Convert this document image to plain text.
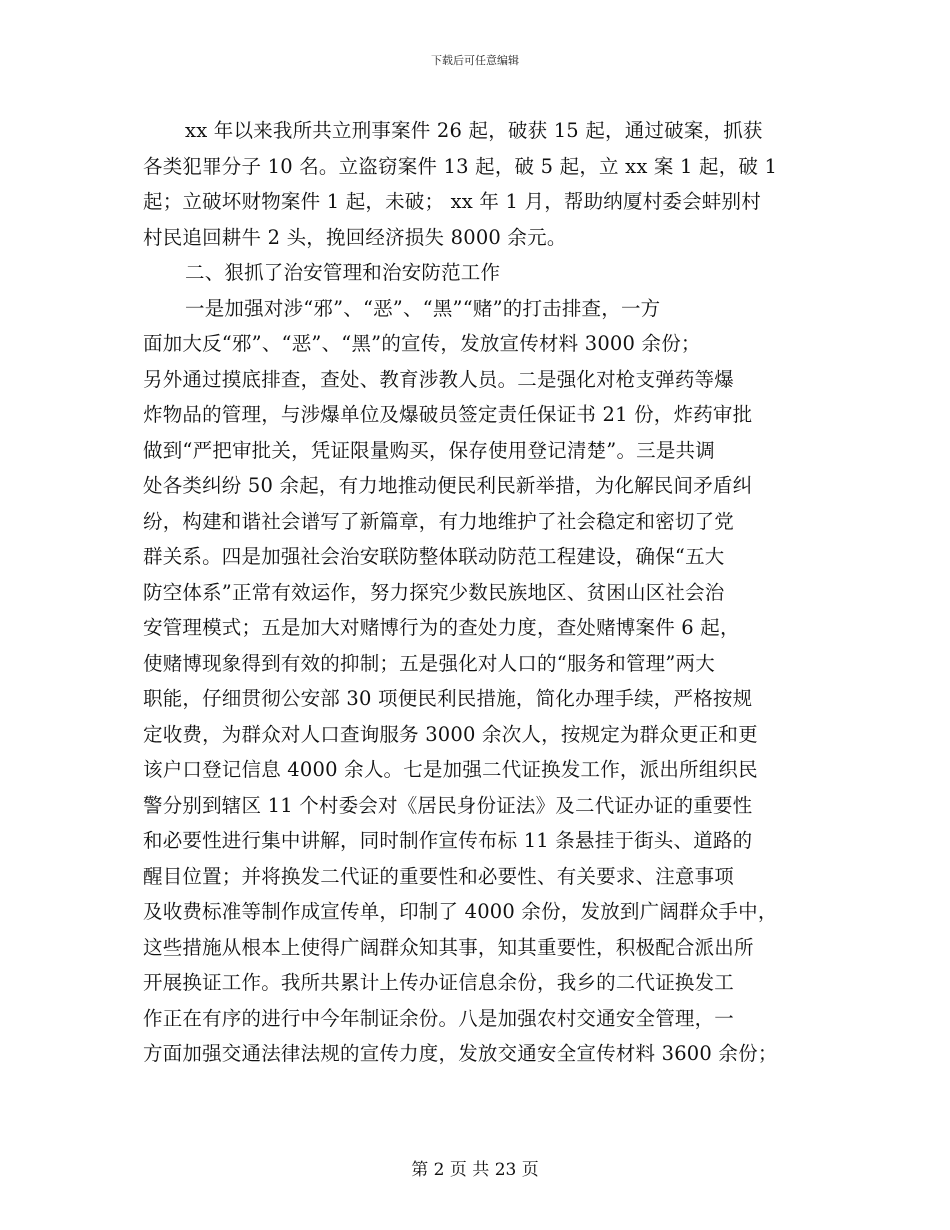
下载后可任意编辑
xx 年以来我所共立刑事案件 26 起，破获 15 起，通过破案，抓获
各类犯罪分子 10 名。立盗窃案件 13 起，破 5 起，立 xx 案 1 起，破 1
起；立破坏财物案件 1 起，未破； xx 年 1 月，帮助纳厦村委会蚌别村
村民追回耕牛 2 头，挽回经济损失 8000 余元。
二、狠抓了治安管理和治安防范工作
一是加强对涉“邪”、“恶”、“黑”“赌”的打击排查，一方
面加大反“邪”、“恶”、“黑”的宣传，发放宣传材料 3000 余份；
另外通过摸底排查，查处、教育涉教人员。二是强化对枪支弹药等爆
炸物品的管理，与涉爆单位及爆破员签定责任保证书 21 份，炸药审批
做到“严把审批关，凭证限量购买，保存使用登记清楚”。三是共调
处各类纠纷 50 余起，有力地推动便民利民新举措，为化解民间矛盾纠
纷，构建和谐社会谱写了新篇章，有力地维护了社会稳定和密切了党
群关系。四是加强社会治安联防整体联动防范工程建设，确保“五大
防空体系”正常有效运作，努力探究少数民族地区、贫困山区社会治
安管理模式；五是加大对赌博行为的查处力度，查处赌博案件 6 起，
使赌博现象得到有效的抑制；五是强化对人口的“服务和管理”两大
职能，仔细贯彻公安部 30 项便民利民措施，简化办理手续，严格按规
定收费，为群众对人口查询服务 3000 余次人，按规定为群众更正和更
该户口登记信息 4000 余人。七是加强二代证换发工作，派出所组织民
警分别到辖区 11 个村委会对《居民身份证法》及二代证办证的重要性
和必要性进行集中讲解，同时制作宣传布标 11 条悬挂于街头、道路的
醒目位置；并将换发二代证的重要性和必要性、有关要求、注意事项
及收费标准等制作成宣传单，印制了 4000 余份，发放到广阔群众手中，
这些措施从根本上使得广阔群众知其事，知其重要性，积极配合派出所
开展换证工作。我所共累计上传办证信息余份，我乡的二代证换发工
作正在有序的进行中今年制证余份。八是加强农村交通安全管理，一
方面加强交通法律法规的宣传力度，发放交通安全宣传材料 3600 余份；
第 2 页 共 23 页
